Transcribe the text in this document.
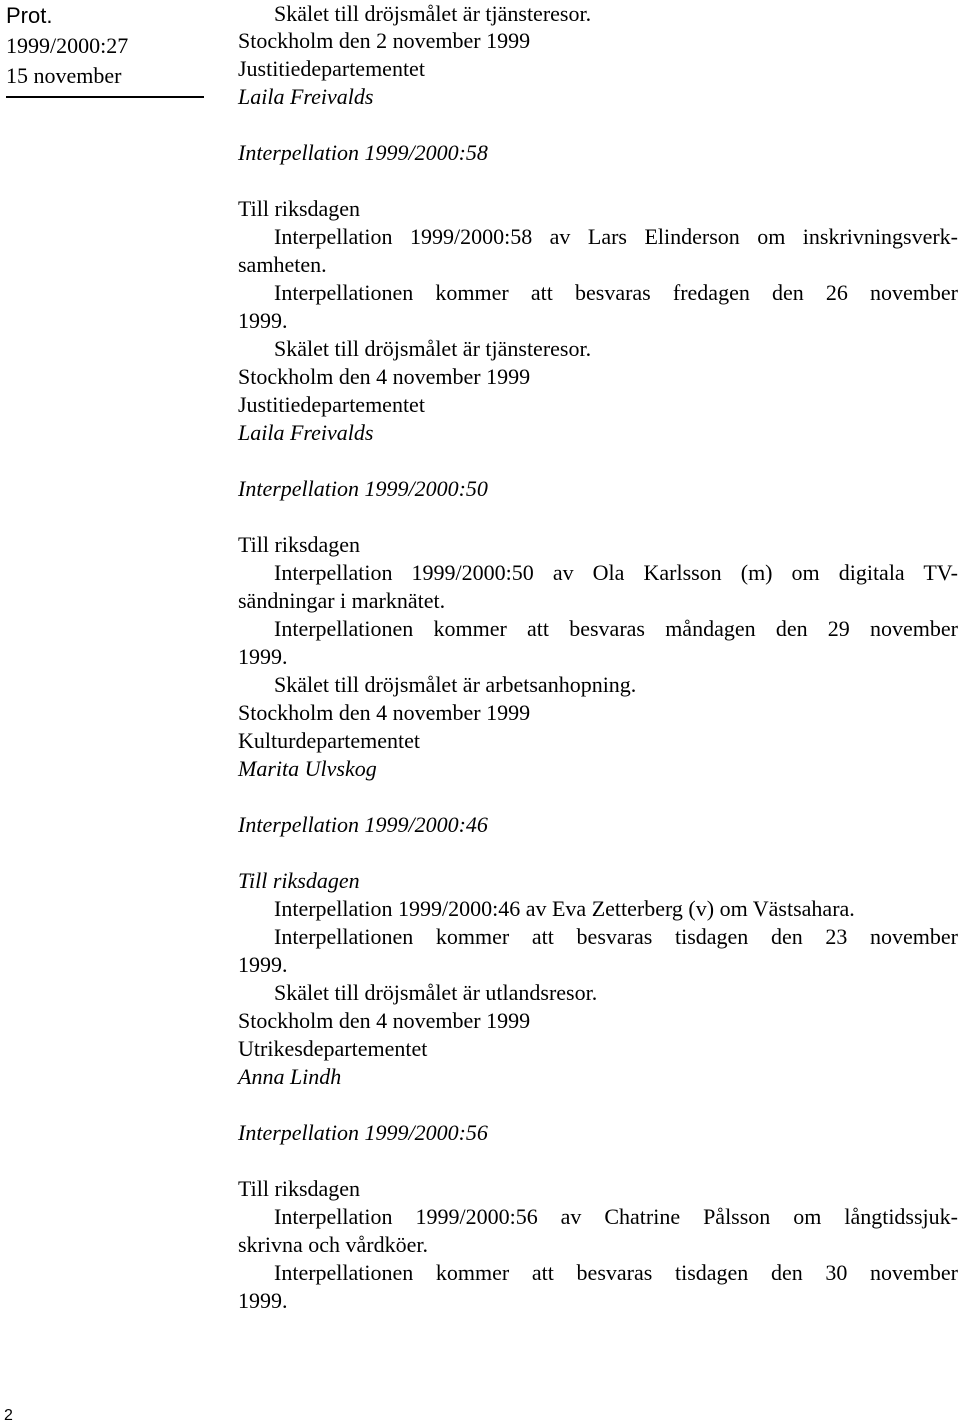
Prot.
1999/2000:27
15 november
Skälet till dröjsmålet är tjänsteresor.
Stockholm den 2 november 1999
Justitiedepartementet
Laila Freivalds
Interpellation 1999/2000:58
Till riksdagen
Interpellation 1999/2000:58 av Lars Elinderson om inskrivningsverk-
samheten.
Interpellationen kommer att besvaras fredagen den 26 november
1999.
Skälet till dröjsmålet är tjänsteresor.
Stockholm den 4 november 1999
Justitiedepartementet
Laila Freivalds
Interpellation 1999/2000:50
Till riksdagen
Interpellation 1999/2000:50 av Ola Karlsson (m) om digitala TV-
sändningar i marknätet.
Interpellationen kommer att besvaras måndagen den 29 november
1999.
Skälet till dröjsmålet är arbetsanhopning.
Stockholm den 4 november 1999
Kulturdepartementet
Marita Ulvskog
Interpellation 1999/2000:46
Till riksdagen
Interpellation 1999/2000:46 av Eva Zetterberg (v) om Västsahara.
Interpellationen kommer att besvaras tisdagen den 23 november
1999.
Skälet till dröjsmålet är utlandsresor.
Stockholm den 4 november 1999
Utrikesdepartementet
Anna Lindh
Interpellation 1999/2000:56
Till riksdagen
Interpellation 1999/2000:56 av Chatrine Pålsson om långtidssjuk-
skrivna och vårdköer.
Interpellationen kommer att besvaras tisdagen den 30 november
1999.
2
